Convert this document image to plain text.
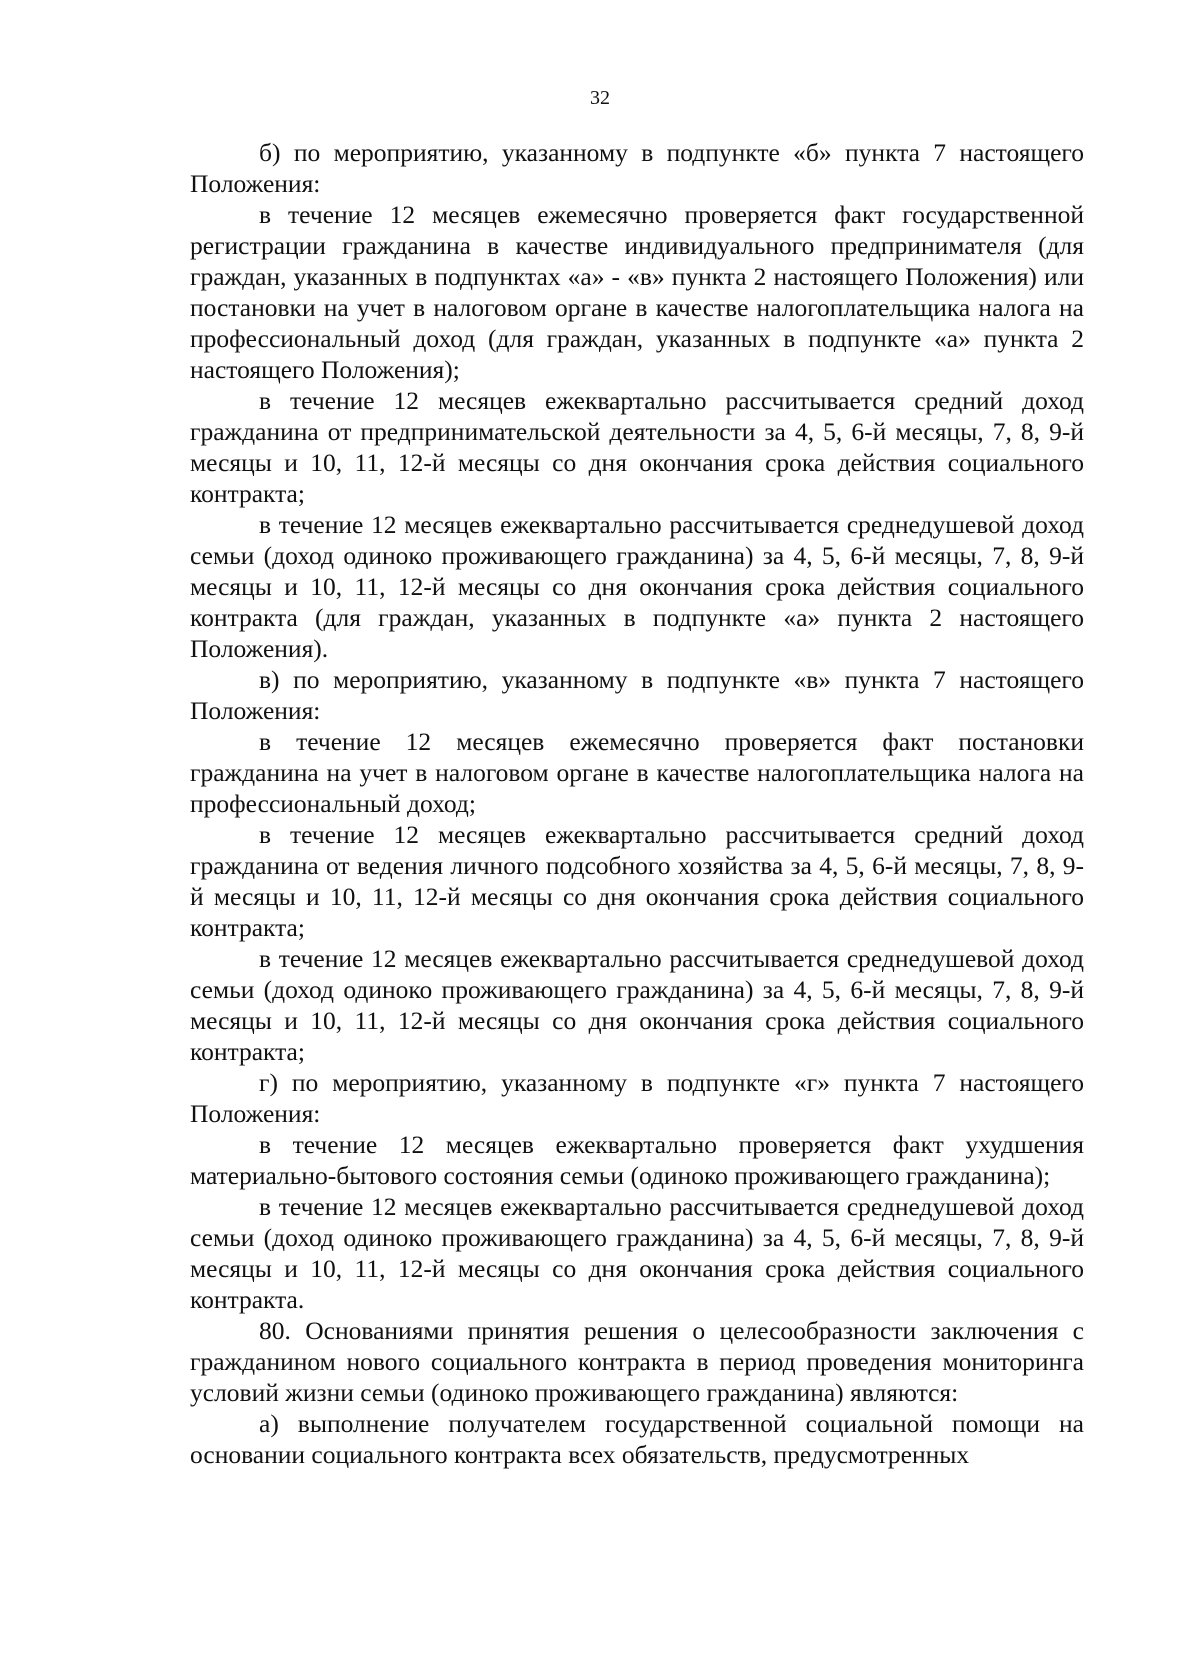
32

б) по мероприятию, указанному в подпункте «б» пункта 7 настоящего Положения:

в течение 12 месяцев ежемесячно проверяется факт государственной регистрации гражданина в качестве индивидуального предпринимателя (для граждан, указанных в подпунктах «а» - «в» пункта 2 настоящего Положения) или постановки на учет в налоговом органе в качестве налогоплательщика налога на профессиональный доход (для граждан, указанных в подпункте «а» пункта 2 настоящего Положения);

в течение 12 месяцев ежеквартально рассчитывается средний доход гражданина от предпринимательской деятельности за 4, 5, 6-й месяцы, 7, 8, 9-й месяцы и 10, 11, 12-й месяцы со дня окончания срока действия социального контракта;

в течение 12 месяцев ежеквартально рассчитывается среднедушевой доход семьи (доход одиноко проживающего гражданина) за 4, 5, 6-й месяцы, 7, 8, 9-й месяцы и 10, 11, 12-й месяцы со дня окончания срока действия социального контракта (для граждан, указанных в подпункте «а» пункта 2 настоящего Положения).

в) по мероприятию, указанному в подпункте «в» пункта 7 настоящего Положения:

в течение 12 месяцев ежемесячно проверяется факт постановки гражданина на учет в налоговом органе в качестве налогоплательщика налога на профессиональный доход;

в течение 12 месяцев ежеквартально рассчитывается средний доход гражданина от ведения личного подсобного хозяйства за 4, 5, 6-й месяцы, 7, 8, 9-й месяцы и 10, 11, 12-й месяцы со дня окончания срока действия социального контракта;

в течение 12 месяцев ежеквартально рассчитывается среднедушевой доход семьи (доход одиноко проживающего гражданина) за 4, 5, 6-й месяцы, 7, 8, 9-й месяцы и 10, 11, 12-й месяцы со дня окончания срока действия социального контракта;

г) по мероприятию, указанному в подпункте «г» пункта 7 настоящего Положения:

в течение 12 месяцев ежеквартально проверяется факт ухудшения материально-бытового состояния семьи (одиноко проживающего гражданина);

в течение 12 месяцев ежеквартально рассчитывается среднедушевой доход семьи (доход одиноко проживающего гражданина) за 4, 5, 6-й месяцы, 7, 8, 9-й месяцы и 10, 11, 12-й месяцы со дня окончания срока действия социального контракта.

80. Основаниями принятия решения о целесообразности заключения с гражданином нового социального контракта в период проведения мониторинга условий жизни семьи (одиноко проживающего гражданина) являются:

а) выполнение получателем государственной социальной помощи на основании социального контракта всех обязательств, предусмотренных
